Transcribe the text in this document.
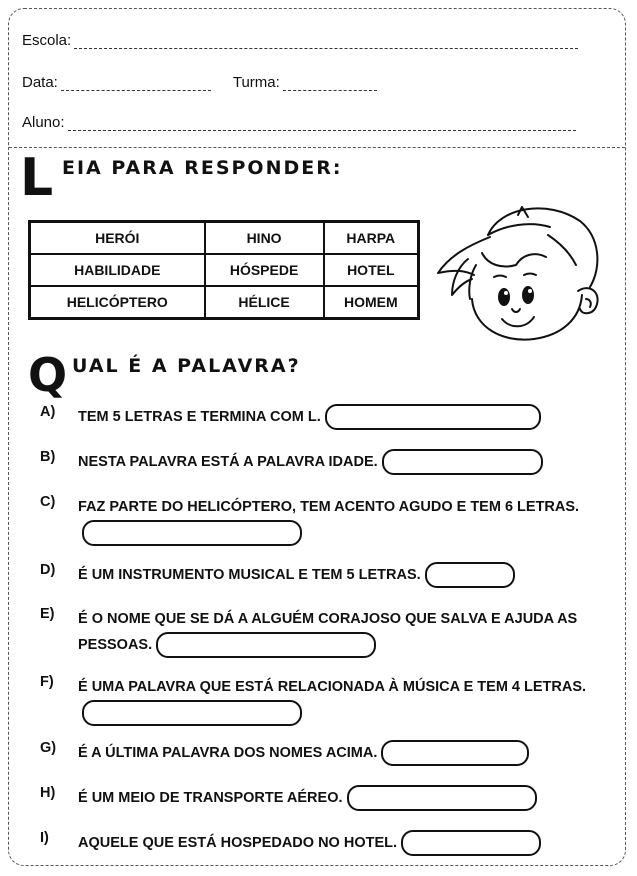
Escola:
Data:	Turma:
Aluno:
L EIA PARA RESPONDER:
HERÓI	HINO	HARPA
HABILIDADE	HÓSPEDE	HOTEL
HELICÓPTERO	HÉLICE	HOMEM
Q UAL É A PALAVRA?
A) TEM 5 LETRAS E TERMINA COM L.
B) NESTA PALAVRA ESTÁ A PALAVRA IDADE.
C) FAZ PARTE DO HELICÓPTERO, TEM ACENTO AGUDO E TEM 6 LETRAS.
D) É UM INSTRUMENTO MUSICAL E TEM 5 LETRAS.
E) É O NOME QUE SE DÁ A ALGUÉM CORAJOSO QUE SALVA E AJUDA AS PESSOAS.
F) É UMA PALAVRA QUE ESTÁ RELACIONADA À MÚSICA E TEM 4 LETRAS.
G) É A ÚLTIMA PALAVRA DOS NOMES ACIMA.
H) É UM MEIO DE TRANSPORTE AÉREO.
I) AQUELE QUE ESTÁ HOSPEDADO NO HOTEL.
